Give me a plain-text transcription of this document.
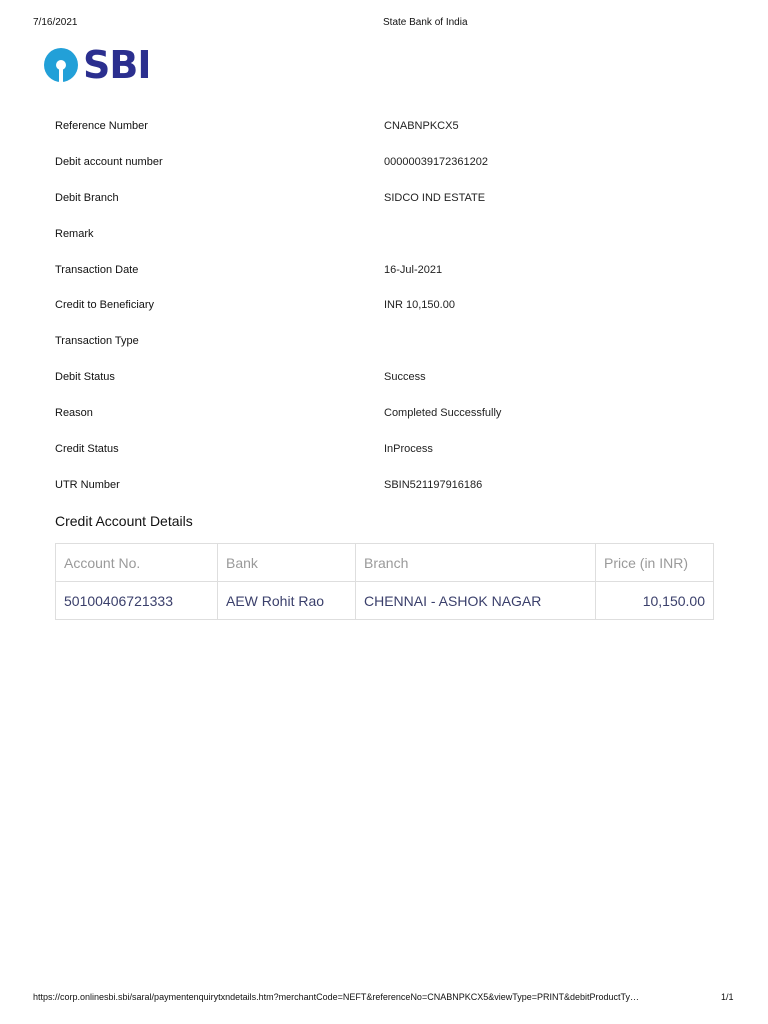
7/16/2021	State Bank of India
SBI
Reference Number	CNABNPKCX5
Debit account number	00000039172361202
Debit Branch	SIDCO IND ESTATE
Remark
Transaction Date	16-Jul-2021
Credit to Beneficiary	INR 10,150.00
Transaction Type
Debit Status	Success
Reason	Completed Successfully
Credit Status	InProcess
UTR Number	SBIN521197916186
Credit Account Details
Account No.	Bank	Branch	Price (in INR)
50100406721333	AEW Rohit Rao	CHENNAI - ASHOK NAGAR	10,150.00
https://corp.onlinesbi.sbi/saral/paymentenquirytxndetails.htm?merchantCode=NEFT&referenceNo=CNABNPKCX5&viewType=PRINT&debitProductTy…	1/1
